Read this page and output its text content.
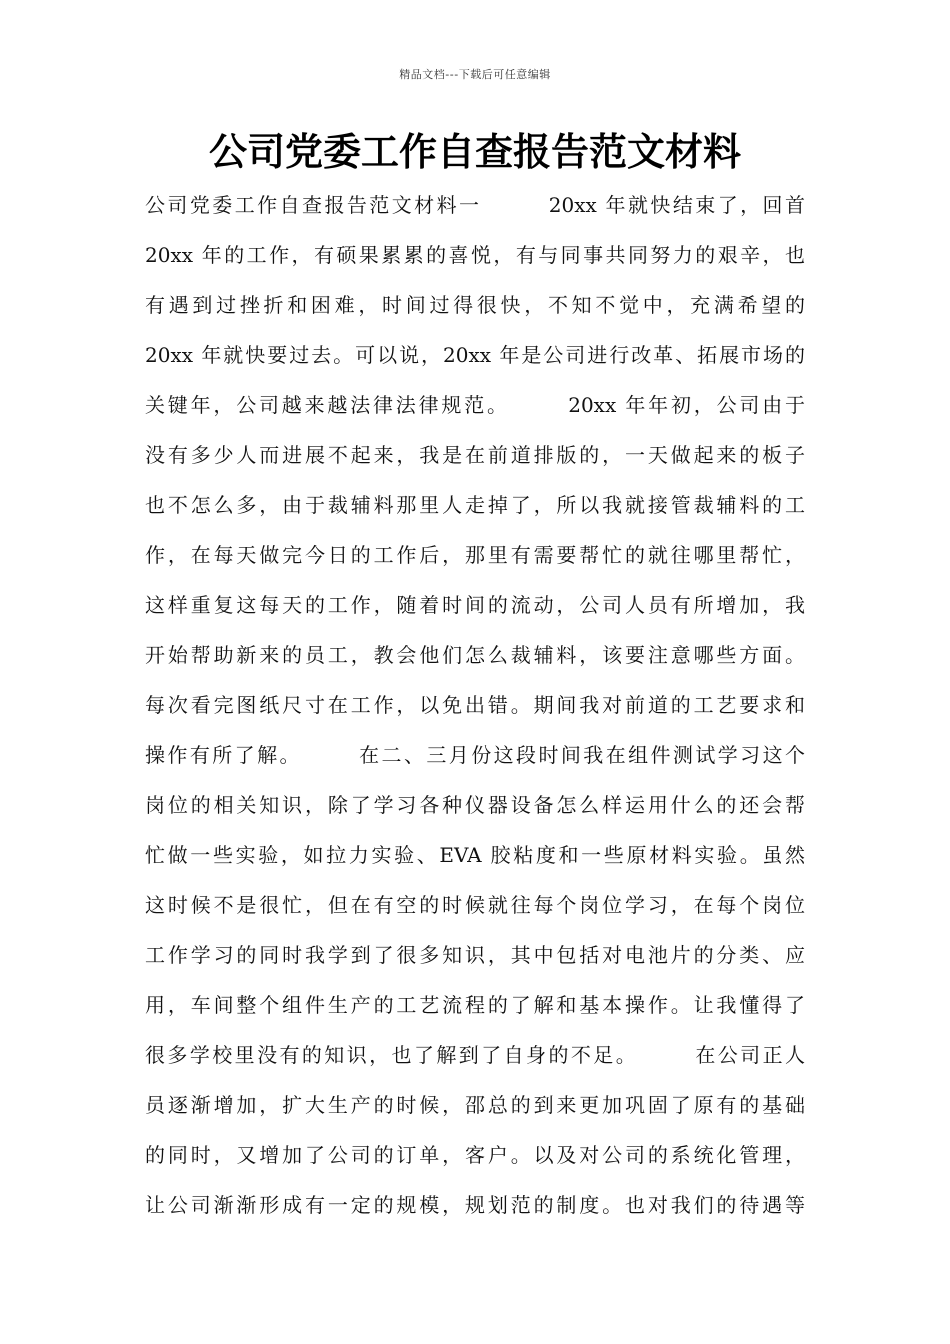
精品文档---下载后可任意编辑
公司党委工作自查报告范文材料
公司党委工作自查报告范文材料一　　　20xx 年就快结束了，回首
20xx 年的工作，有硕果累累的喜悦，有与同事共同努力的艰辛，也
有遇到过挫折和困难，时间过得很快，不知不觉中，充满希望的
20xx 年就快要过去。可以说，20xx 年是公司进行改革、拓展市场的
关键年，公司越来越法律法律规范。　　　20xx 年年初，公司由于
没有多少人而进展不起来，我是在前道排版的，一天做起来的板子
也不怎么多，由于裁辅料那里人走掉了，所以我就接管裁辅料的工
作，在每天做完今日的工作后，那里有需要帮忙的就往哪里帮忙，
这样重复这每天的工作，随着时间的流动，公司人员有所增加，我
开始帮助新来的员工，教会他们怎么裁辅料，该要注意哪些方面。
每次看完图纸尺寸在工作，以免出错。期间我对前道的工艺要求和
操作有所了解。　　　在二、三月份这段时间我在组件测试学习这个
岗位的相关知识，除了学习各种仪器设备怎么样运用什么的还会帮
忙做一些实验，如拉力实验、EVA 胶粘度和一些原材料实验。虽然
这时候不是很忙，但在有空的时候就往每个岗位学习，在每个岗位
工作学习的同时我学到了很多知识，其中包括对电池片的分类、应
用，车间整个组件生产的工艺流程的了解和基本操作。让我懂得了
很多学校里没有的知识，也了解到了自身的不足。　　　在公司正人
员逐渐增加，扩大生产的时候，邵总的到来更加巩固了原有的基础
的同时，又增加了公司的订单，客户。以及对公司的系统化管理，
让公司渐渐形成有一定的规模，规划范的制度。也对我们的待遇等
